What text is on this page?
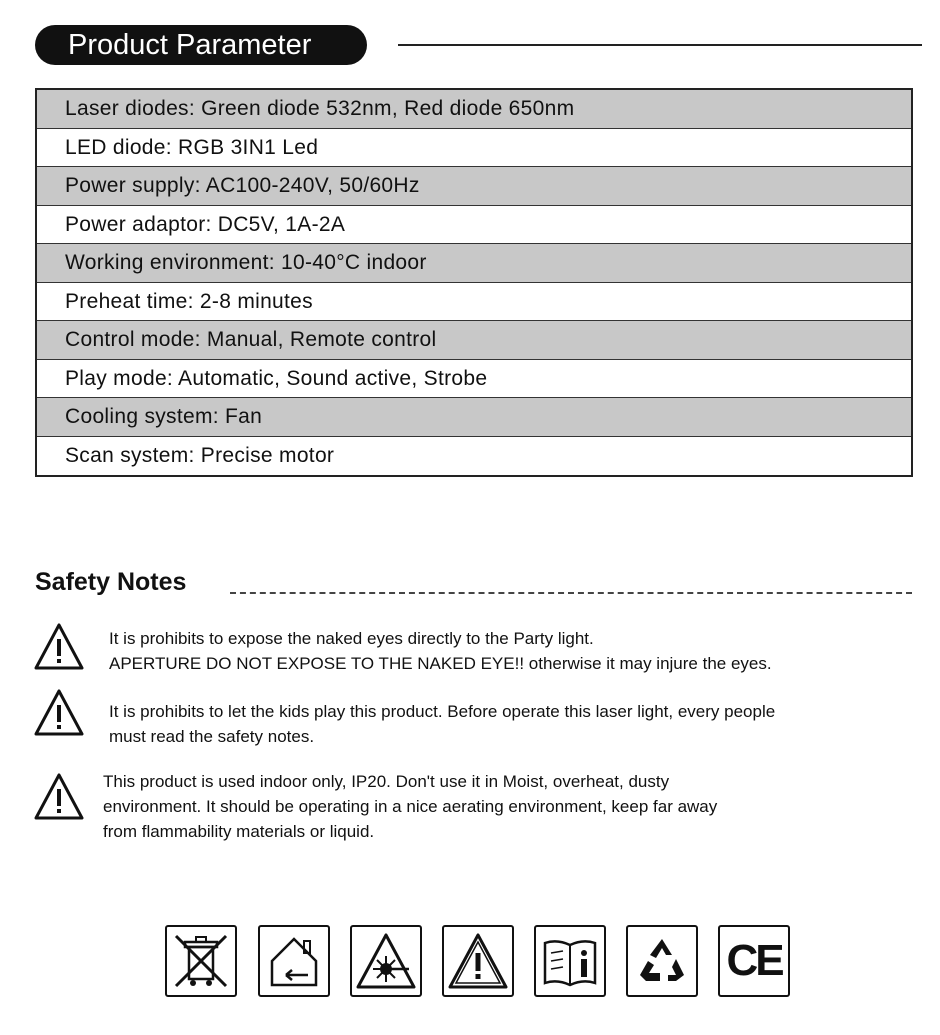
Product Parameter
Laser diodes: Green diode 532nm, Red diode 650nm
LED diode: RGB 3IN1 Led
Power supply: AC100-240V, 50/60Hz
Power adaptor: DC5V, 1A-2A
Working environment: 10-40°C indoor
Preheat time: 2-8 minutes
Control mode: Manual, Remote control
Play mode: Automatic, Sound active, Strobe
Cooling system: Fan
Scan system: Precise motor
Safety Notes
It is prohibits to expose the naked eyes directly to the Party light.
APERTURE DO NOT EXPOSE TO THE NAKED EYE!! otherwise it may injure the eyes.
It is prohibits to let the kids play this product. Before operate this laser light, every people
must read the safety notes.
This product is used indoor only, IP20. Don't use it in Moist, overheat, dusty
environment. It should be operating in a nice aerating environment, keep far away
from flammability materials or liquid.
CE
